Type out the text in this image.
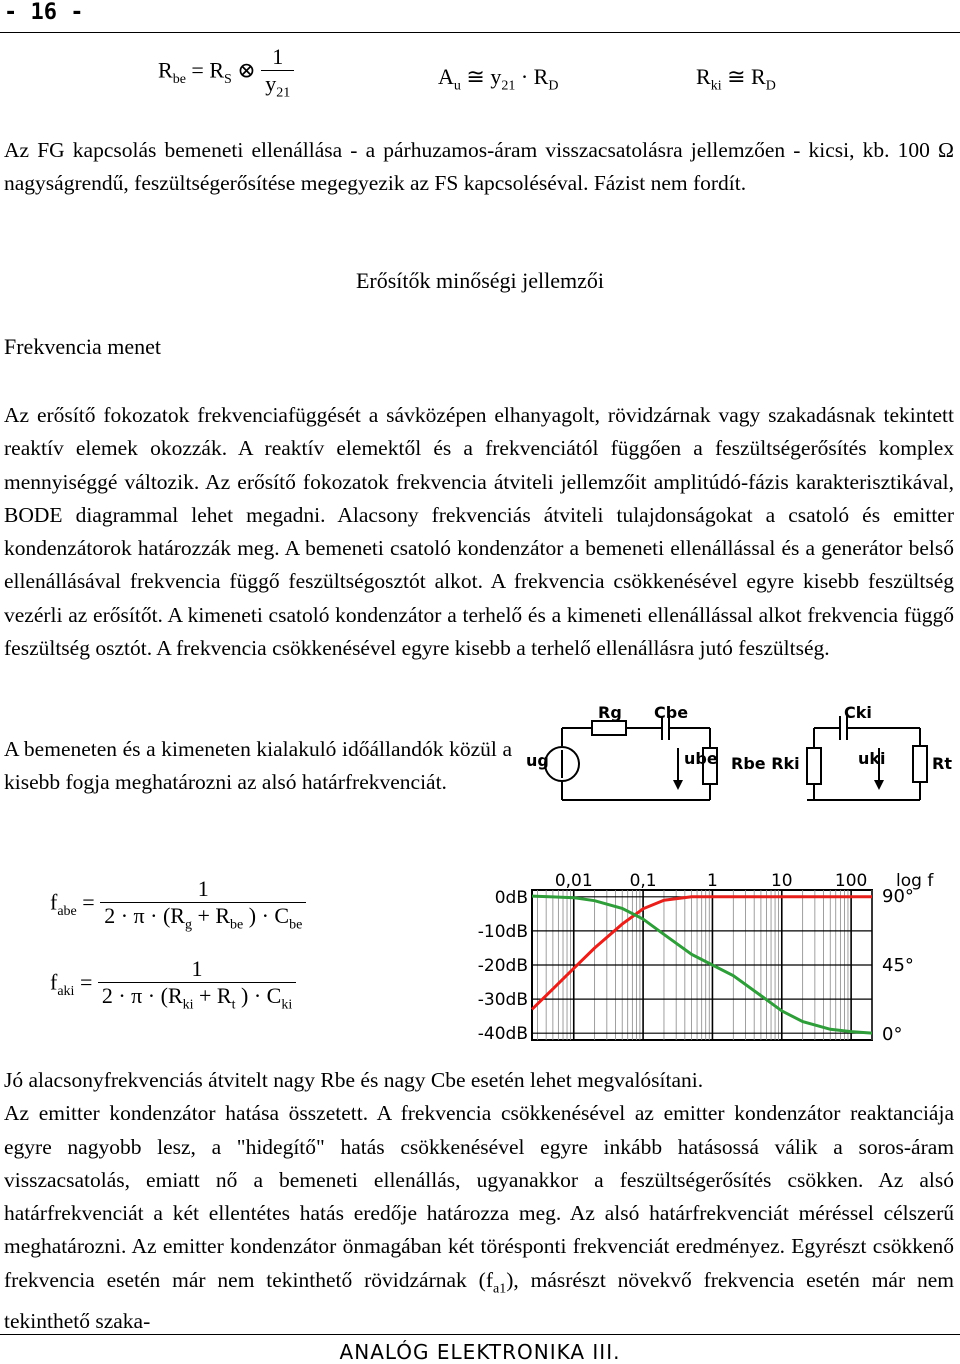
- 16 -
$R_{be} = R_S$ ⊗ $\frac{1}{y_{21}}$	$A_u$ ≅ $y_{21} \cdot R_D$	$R_{ki}$ ≅ $R_D$

Az FG kapcsolás bemeneti ellenállása - a párhuzamos-áram visszacsatolásra jellemzően - kicsi, kb. 100 Ω nagyságrendű, feszültségerősítése megegyezik az FS kapcsoléséval. Fázist nem fordít.

Erősítők minőségi jellemzői
Frekvencia menet

Az erősítő fokozatok frekvenciafüggését a sávközépen elhanyagolt, rövidzárnak vagy szakadásnak tekintett reaktív elemek okozzák. A reaktív elemektől és a frekvenciától függően a feszültségerősítés komplex mennyiséggé változik. Az erősítő fokozatok frekvencia átviteli jellemzőit amplitúdó-fázis karakterisztikával, BODE diagrammal lehet megadni. Alacsony frekvenciás átviteli tulajdonságokat a csatoló és emitter kondenzátorok határozzák meg. A bemeneti csatoló kondenzátor a bemeneti ellenállással és a generátor belső ellenállásával frekvencia függő feszültségosztót alkot. A frekvencia csökkenésével egyre kisebb feszültség vezérli az erősítőt. A kimeneti csatoló kondenzátor a terhelő és a kimeneti ellenállással alkot frekvencia függő feszültség osztót. A frekvencia csökkenésével egyre kisebb a terhelő ellenállásra jutó feszültség.

A bemeneten és a kimeneten kialakuló időállandók közül a kisebb fogja meghatározni az alsó határfrekvenciát.

Rg Cbe	Cki
ug	ube Rbe Rki	uki	Rt
$f_{abe} = \frac{1}{2 \cdot \pi \cdot (R_g + R_{be} ) \cdot C_{be}}$
$f_{aki} = \frac{1}{2 \cdot \pi \cdot (R_{ki} + R_t ) \cdot C_{ki}}$
0,01 0,1	1	10 100 log f
0dB
-10dB
-20dB
-30dB
-40dB
90°
45°
0°

Jó alacsonyfrekvenciás átvitelt nagy Rbe és nagy Cbe esetén lehet megvalósítani.

Az emitter kondenzátor hatása összetett. A frekvencia csökkenésével az emitter kondenzátor reaktanciája egyre nagyobb lesz, a "hidegítő" hatás csökkenésével egyre inkább hatásossá válik a soros-áram visszacsatolás, emiatt nő a bemeneti ellenállás, ugyanakkor a feszültségerősítés csökken. Az alsó határfrekvenciát a két ellentétes hatás eredője határozza meg. Az alsó határfrekvenciát méréssel célszerű meghatározni. Az emitter kondenzátor önmagában két törésponti frekvenciát eredményez. Egyrészt csökkenő frekvencia esetén már nem tekinthető rövidzárnak $(f_{a1})$, másrészt növekvő frekvencia esetén már nem tekinthető szaka-

ANALÓG ELEKTRONIKA III.
